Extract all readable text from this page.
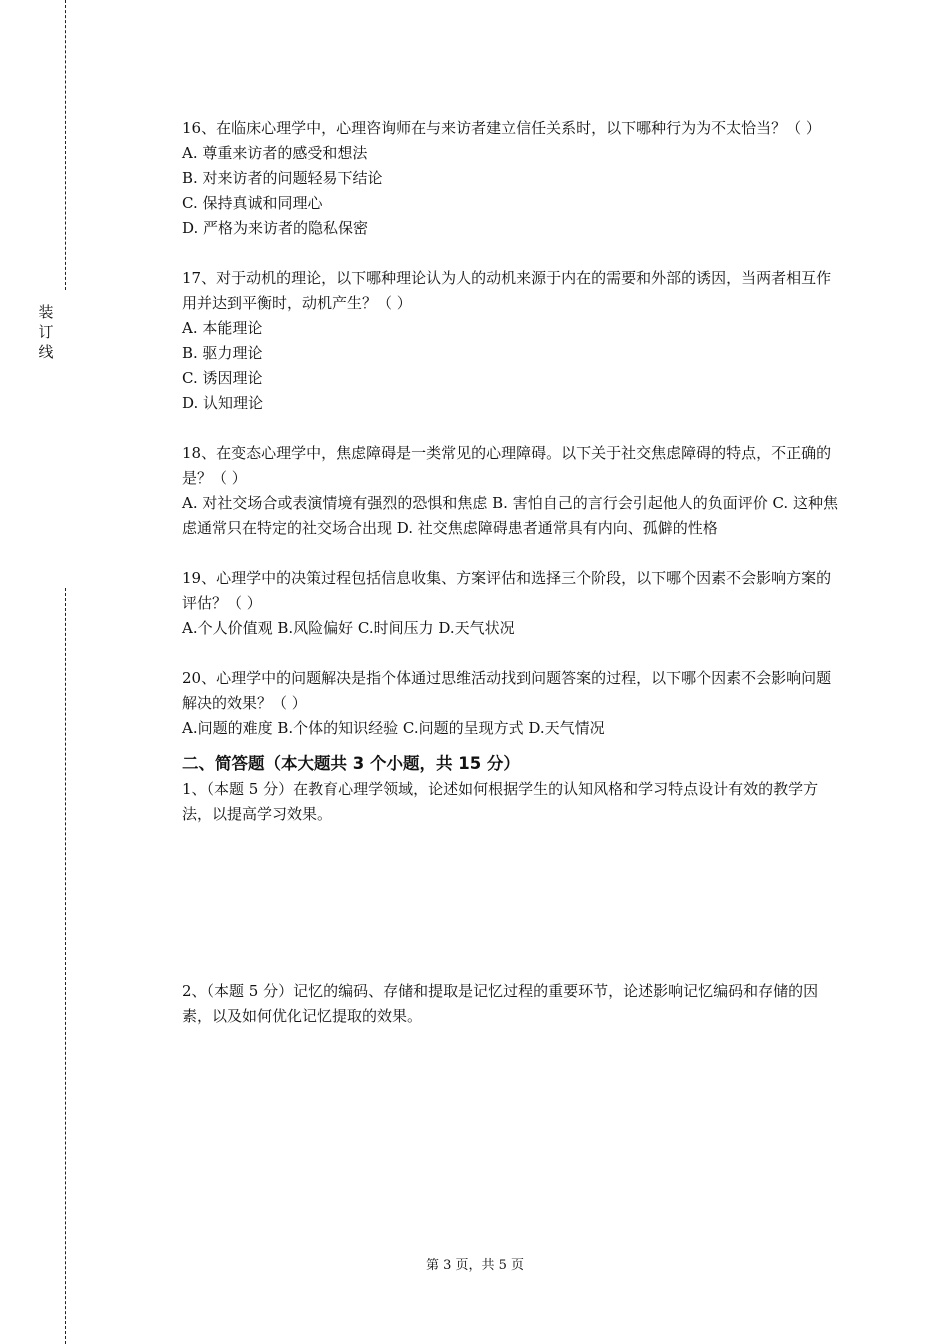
装
订
线

16、在临床心理学中，心理咨询师在与来访者建立信任关系时，以下哪种行为为不太恰当？（ ）

A. 尊重来访者的感受和想法

B. 对来访者的问题轻易下结论

C. 保持真诚和同理心

D. 严格为来访者的隐私保密

17、对于动机的理论，以下哪种理论认为人的动机来源于内在的需要和外部的诱因，当两者相互作用并达到平衡时，动机产生？（ ）

A. 本能理论

B. 驱力理论

C. 诱因理论

D. 认知理论

18、在变态心理学中，焦虑障碍是一类常见的心理障碍。以下关于社交焦虑障碍的特点，不正确的是？（ ）

A. 对社交场合或表演情境有强烈的恐惧和焦虑 B. 害怕自己的言行会引起他人的负面评价 C. 这种焦虑通常只在特定的社交场合出现 D. 社交焦虑障碍患者通常具有内向、孤僻的性格

19、心理学中的决策过程包括信息收集、方案评估和选择三个阶段，以下哪个因素不会影响方案的评估？（ ）

A.个人价值观 B.风险偏好 C.时间压力 D.天气状况

20、心理学中的问题解决是指个体通过思维活动找到问题答案的过程，以下哪个因素不会影响问题解决的效果？（ ）

A.问题的难度 B.个体的知识经验 C.问题的呈现方式 D.天气情况

二、简答题（本大题共 3 个小题，共 15 分）

1、（本题 5 分）在教育心理学领域，论述如何根据学生的认知风格和学习特点设计有效的教学方法，以提高学习效果。

2、（本题 5 分）记忆的编码、存储和提取是记忆过程的重要环节，论述影响记忆编码和存储的因素，以及如何优化记忆提取的效果。

第 3 页，共 5 页
